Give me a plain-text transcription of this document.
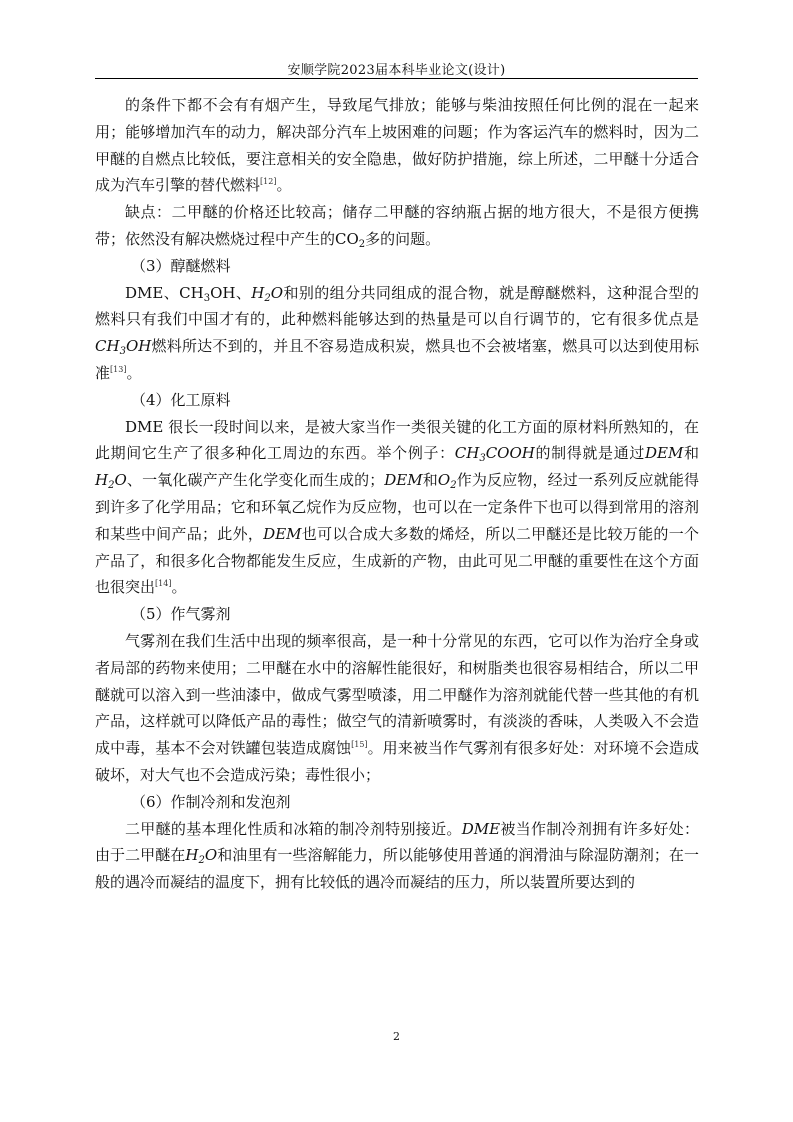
安顺学院2023届本科毕业论文(设计)

的条件下都不会有有烟产生，导致尾气排放；能够与柴油按照任何比例的混在一起来用；能够增加汽车的动力，解决部分汽车上坡困难的问题；作为客运汽车的燃料时，因为二甲醚的自燃点比较低，要注意相关的安全隐患，做好防护措施，综上所述，二甲醚十分适合成为汽车引擎的替代燃料[12]。

缺点：二甲醚的价格还比较高；储存二甲醚的容纳瓶占据的地方很大，不是很方便携带；依然没有解决燃烧过程中产生的$CO_2$多的问题。

（3）醇醚燃料

DME、$CH_3OH$、$H_2O$和别的组分共同组成的混合物，就是醇醚燃料，这种混合型的燃料只有我们中国才有的，此种燃料能够达到的热量是可以自行调节的，它有很多优点是$CH_3OH$燃料所达不到的，并且不容易造成积炭，燃具也不会被堵塞，燃具可以达到使用标准[13]。

（4）化工原料

DME 很长一段时间以来，是被大家当作一类很关键的化工方面的原材料所熟知的，在此期间它生产了很多种化工周边的东西。举个例子：$CH_3COOH$的制得就是通过DEM和$H_2O$、一氧化碳产产生化学变化而生成的；DEM和$O_2$作为反应物，经过一系列反应就能得到许多了化学用品；它和环氧乙烷作为反应物，也可以在一定条件下也可以得到常用的溶剂和某些中间产品；此外，DEM也可以合成大多数的烯烃，所以二甲醚还是比较万能的一个产品了，和很多化合物都能发生反应，生成新的产物，由此可见二甲醚的重要性在这个方面也很突出[14]。

（5）作气雾剂

气雾剂在我们生活中出现的频率很高，是一种十分常见的东西，它可以作为治疗全身或者局部的药物来使用；二甲醚在水中的溶解性能很好，和树脂类也很容易相结合，所以二甲醚就可以溶入到一些油漆中，做成气雾型喷漆，用二甲醚作为溶剂就能代替一些其他的有机产品，这样就可以降低产品的毒性；做空气的清新喷雾时，有淡淡的香味，人类吸入不会造成中毒，基本不会对铁罐包装造成腐蚀[15]。用来被当作气雾剂有很多好处：对环境不会造成破坏，对大气也不会造成污染；毒性很小；

（6）作制冷剂和发泡剂

二甲醚的基本理化性质和冰箱的制冷剂特别接近。DME被当作制冷剂拥有许多好处：由于二甲醚在$H_2O$和油里有一些溶解能力，所以能够使用普通的润滑油与除湿防潮剂；在一般的遇冷而凝结的温度下，拥有比较低的遇冷而凝结的压力，所以装置所要达到的

2
